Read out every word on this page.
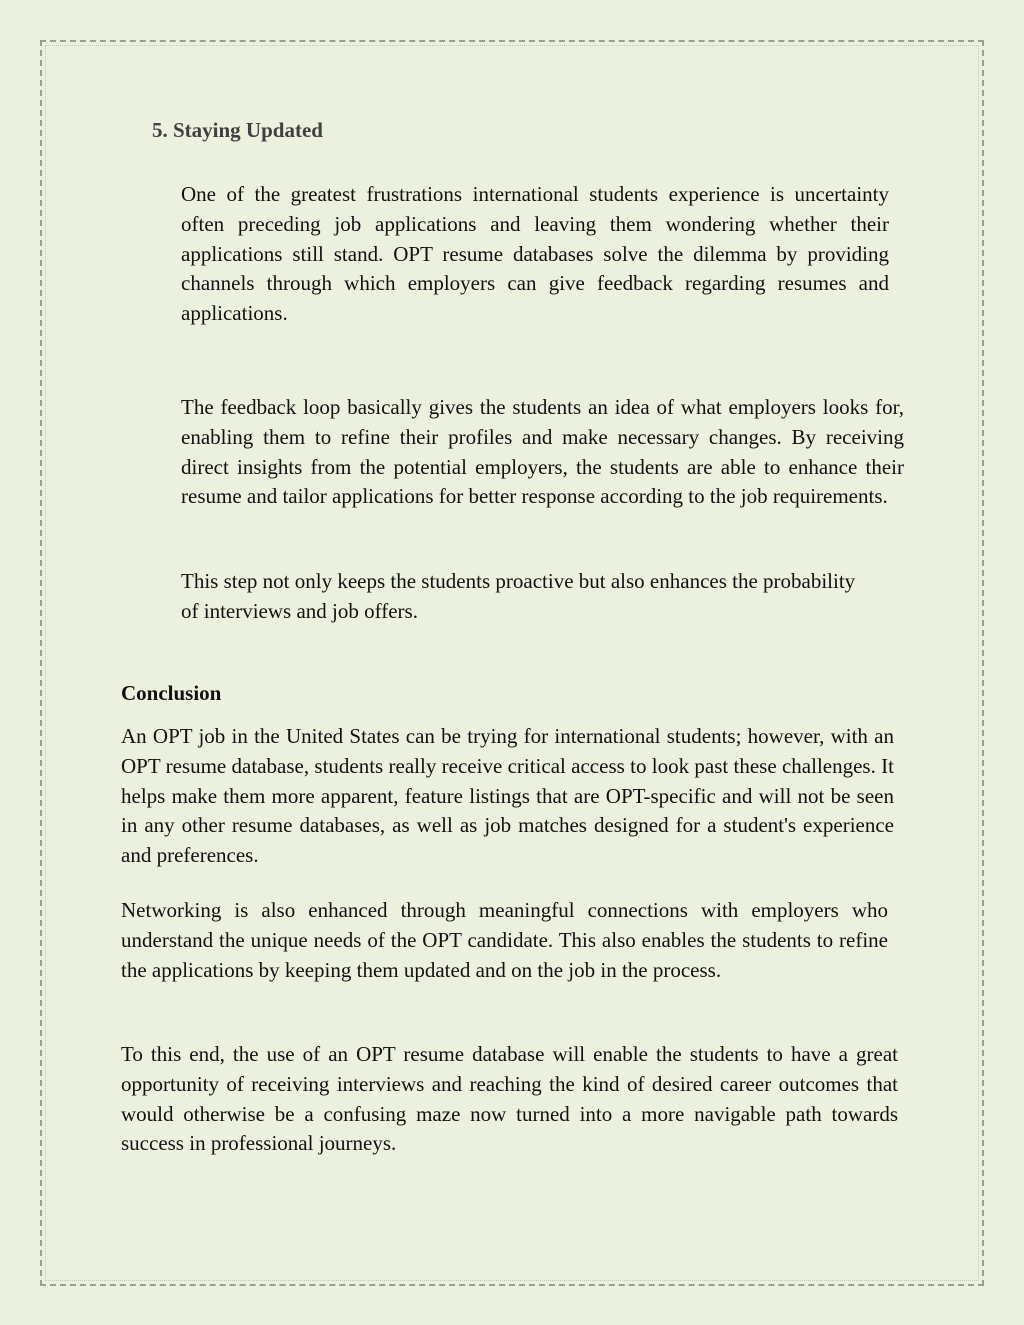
5. Staying Updated

One of the greatest frustrations international students experience is uncertainty often preceding job applications and leaving them wondering whether their applications still stand. OPT resume databases solve the dilemma by providing channels through which employers can give feedback regarding resumes and applications.

The feedback loop basically gives the students an idea of what employers looks for, enabling them to refine their profiles and make necessary changes. By receiving direct insights from the potential employers, the students are able to enhance their resume and tailor applications for better response according to the job requirements.

This step not only keeps the students proactive but also enhances the probability of interviews and job offers.

Conclusion

An OPT job in the United States can be trying for international students; however, with an OPT resume database, students really receive critical access to look past these challenges. It helps make them more apparent, feature listings that are OPT-specific and will not be seen in any other resume databases, as well as job matches designed for a student's experience and preferences.

Networking is also enhanced through meaningful connections with employers who understand the unique needs of the OPT candidate. This also enables the students to refine the applications by keeping them updated and on the job in the process.

To this end, the use of an OPT resume database will enable the students to have a great opportunity of receiving interviews and reaching the kind of desired career outcomes that would otherwise be a confusing maze now turned into a more navigable path towards success in professional journeys.
